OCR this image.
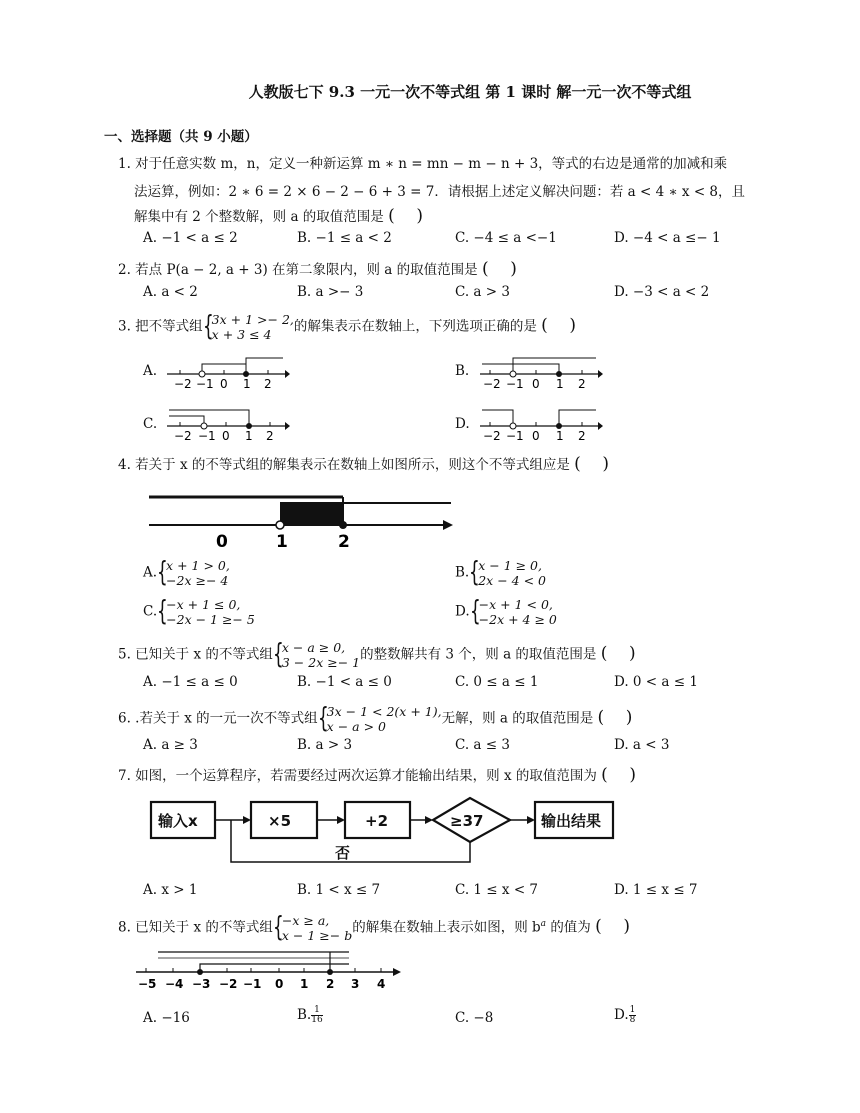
人教版七下 9.3 一元一次不等式组 第 1 课时 解一元一次不等式组
一、选择题（共 9 小题）
1. 对于任意实数 m，n，定义一种新运算 m ∗ n = mn − m − n + 3，等式的右边是通常的加减和乘
法运算，例如：2 ∗ 6 = 2 × 6 − 2 − 6 + 3 = 7．请根据上述定义解决问题：若 a < 4 ∗ x < 8，且
解集中有 2 个整数解，则 a 的取值范围是 (    )
A. −1 < a ≤ 2	B. −1 ≤ a < 2	C. −4 ≤ a <−1	D. −4 < a ≤− 1
2. 若点 P(a − 2, a + 3) 在第二象限内，则 a 的取值范围是 (    )
A. a < 2	B. a >− 3	C. a > 3	D. −3 < a < 2
3. 把不等式组 {
3x + 1 >− 2,
x + 3 ≤ 4	的解集表示在数轴上，下列选项正确的是 (    )
A.	B.
C.	D.
−2 −1 0 1 2	−2 −1 0 1 2
−2 −1 0 1 2	−2 −1 0 1 2
4. 若关于 x 的不等式组的解集表示在数轴上如图所示，则这个不等式组应是 (    )
0	1	2
A. {
x + 1 > 0,
−2x ≥− 4	B. {
x − 1 ≥ 0,
2x − 4 < 0
C. {
−x + 1 ≤ 0,
−2x − 1 ≥− 5	D. {
−x + 1 < 0,
−2x + 4 ≥ 0
5. 已知关于 x 的不等式组 {
x − a ≥ 0,
3 − 2x ≥− 1 的整数解共有 3 个，则 a 的取值范围是 (    )
A. −1 ≤ a ≤ 0	B. −1 < a ≤ 0	C. 0 ≤ a ≤ 1	D. 0 < a ≤ 1
6. .若关于 x 的一元一次不等式组 {
3x − 1 < 2(x + 1),
x − a > 0	无解，则 a 的取值范围是 (    )
A. a ≥ 3	B. a > 3	C. a ≤ 3	D. a < 3
7. 如图，一个运算程序，若需要经过两次运算才能输出结果，则 x 的取值范围为 (    )
输入x	×5	+2	≥37	输出结果
否
A. x > 1	B. 1 < x ≤ 7	C. 1 ≤ x < 7	D. 1 ≤ x ≤ 7
8. 已知关于 x 的不等式组 {
−x ≥ a,
x − 1 ≥− b 的解集在数轴上表示如图，则 $b^a$ 的值为 (    )
−5 −4 −3 −2 −1 0 1 2 3 4
A. −16	B. $\frac{1}{16}$	C. −8	D. $\frac{1}{8}$
